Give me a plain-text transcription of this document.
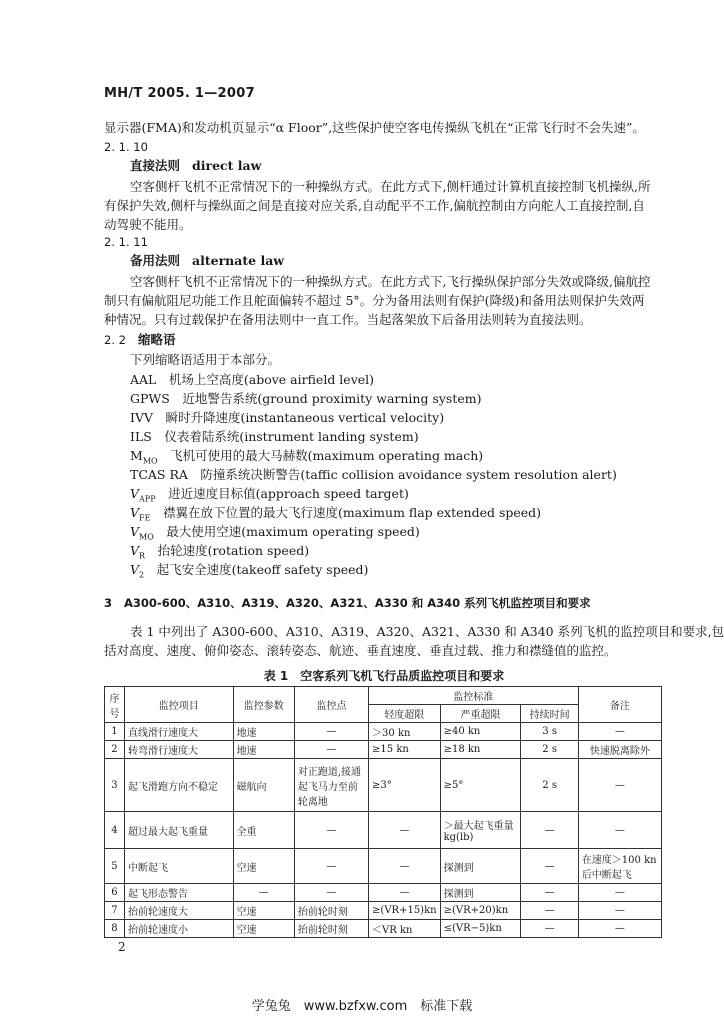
MH/T 2005. 1—2007
显示器(FMA)和发动机页显示“α Floor”,这些保护使空客电传操纵飞机在“正常飞行时不会失速”。
2. 1. 10
直接法则 direct law
空客侧杆飞机不正常情况下的一种操纵方式。在此方式下,侧杆通过计算机直接控制飞机操纵,所
有保护失效,侧杆与操纵面之间是直接对应关系,自动配平不工作,偏航控制由方向舵人工直接控制,自
动驾驶不能用。
2. 1. 11
备用法则 alternate law
空客侧杆飞机不正常情况下的一种操纵方式。在此方式下,飞行操纵保护部分失效或降级,偏航控
制只有偏航阻尼功能工作且舵面偏转不超过 5°。分为备用法则有保护(降级)和备用法则保护失效两
种情况。只有过载保护在备用法则中一直工作。当起落架放下后备用法则转为直接法则。
2. 2 缩略语
下列缩略语适用于本部分。
AAL　 机场上空高度(above airfield level)
GPWS　 近地警告系统(ground proximity warning system)
IVV　 瞬时升降速度(instantaneous vertical velocity)
ILS　 仪表着陆系统(instrument landing system)
$M_{MO}$　 飞机可使用的最大马赫数(maximum operating mach)
TCAS RA　 防撞系统决断警告(taffic collision avoidance system resolution alert)
$V_{APP}$　 进近速度目标值(approach speed target)
$V_{FE}$　 襟翼在放下位置的最大飞行速度(maximum flap extended speed)
$V_{MO}$　 最大使用空速(maximum operating speed)
$V_R$　 抬轮速度(rotation speed)
$V_2$　 起飞安全速度(takeoff safety speed)
3 A300-600、A310、A319、A320、A321、A330 和 A340 系列飞机监控项目和要求
表 1 中列出了 A300-600、A310、A319、A320、A321、A330 和 A340 系列飞机的监控项目和要求,包
括对高度、速度、俯仰姿态、滚转姿态、航迹、垂直速度、垂直过载、推力和襟缝值的监控。
表 1　空客系列飞机飞行品质监控项目和要求
序号	监控项目	监控参数	监控点	监控标准			备注
				轻度超限	严重超限	持续时间	
1	直线滑行速度大	地速	—	＞30 kn	≥40 kn	3 s	—
2	转弯滑行速度大	地速	—	≥15 kn	≥18 kn	2 s	快速脱离除外
3	起飞滑跑方向不稳定	磁航向	对正跑道,接通起飞马力至前轮离地	≥3°	≥5°	2 s	—
4	超过最大起飞重量	全重	—	—	＞最大起飞重量 kg(lb)	—	—
5	中断起飞	空速	—	—	探测到	—	在速度＞100 kn 后中断起飞
6	起飞形态警告	—	—	—	探测到	—	—
7	抬前轮速度大	空速	抬前轮时刻	≥(VR+15)kn	≥(VR+20)kn	—	—
8	抬前轮速度小	空速	抬前轮时刻	＜VR kn	≤(VR−5)kn	—	—
2
学兔兔　www.bzfxw.com　标准下载
